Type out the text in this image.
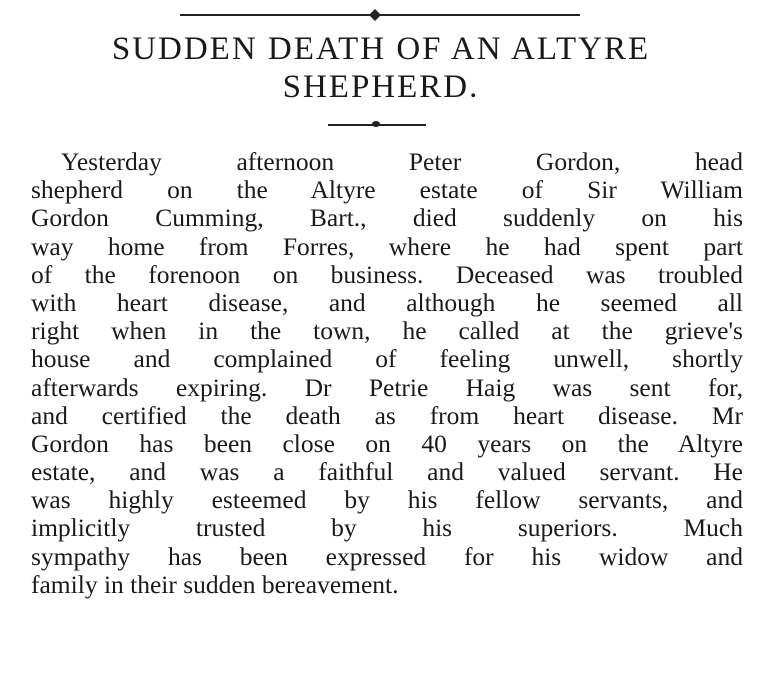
SUDDEN DEATH OF AN ALTYRE
SHEPHERD.
Yesterday afternoon Peter Gordon, head
shepherd on the Altyre estate of Sir William
Gordon Cumming, Bart., died suddenly on his
way home from Forres, where he had spent part
of the forenoon on business. Deceased was troubled
with heart disease, and although he seemed all
right when in the town, he called at the grieve's
house and complained of feeling unwell, shortly
afterwards expiring. Dr Petrie Haig was sent for,
and certified the death as from heart disease. Mr
Gordon has been close on 40 years on the Altyre
estate, and was a faithful and valued servant. He
was highly esteemed by his fellow servants, and
implicitly trusted by his superiors. Much
sympathy has been expressed for his widow and
family in their sudden bereavement.
